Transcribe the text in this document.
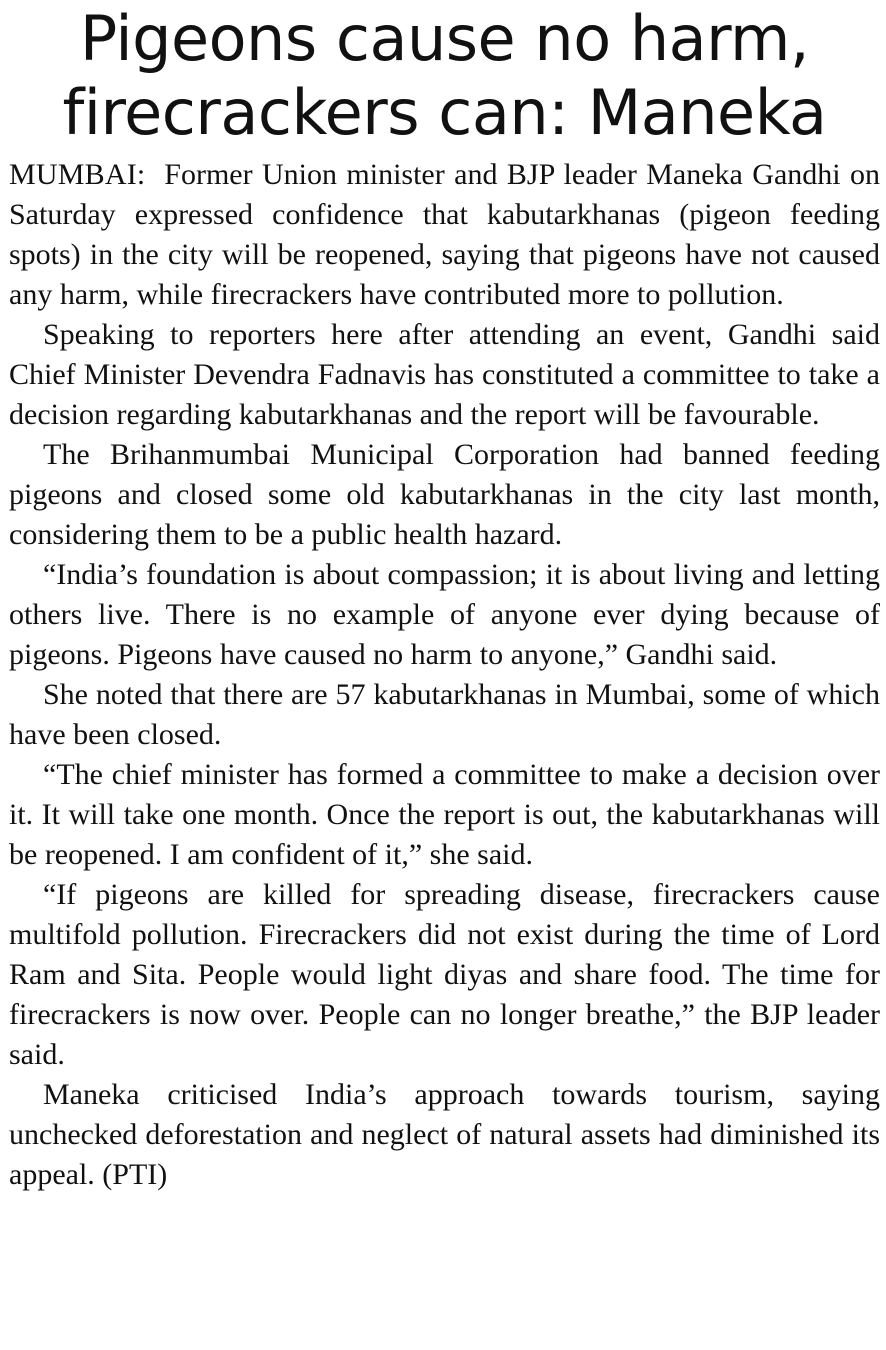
Pigeons cause no harm,
firecrackers can: Maneka

MUMBAI: Former Union minister and BJP leader Maneka Gandhi on Saturday expressed confidence that kabutarkhanas (pigeon feeding spots) in the city will be reopened, saying that pigeons have not caused any harm, while firecrackers have contributed more to pollution.

Speaking to reporters here after attending an event, Gandhi said Chief Minister Devendra Fadnavis has constituted a committee to take a decision regarding kabutarkhanas and the report will be favourable.

The Brihanmumbai Municipal Corporation had banned feeding pigeons and closed some old kabutarkhanas in the city last month, considering them to be a public health hazard.

“India’s foundation is about compassion; it is about living and letting others live. There is no example of anyone ever dying because of pigeons. Pigeons have caused no harm to anyone,” Gandhi said.

She noted that there are 57 kabutarkhanas in Mumbai, some of which have been closed.

“The chief minister has formed a committee to make a decision over it. It will take one month. Once the report is out, the kabutarkhanas will be reopened. I am confident of it,” she said.

“If pigeons are killed for spreading disease, firecrackers cause multifold pollution. Firecrackers did not exist during the time of Lord Ram and Sita. People would light diyas and share food. The time for firecrackers is now over. People can no longer breathe,” the BJP leader said.

Maneka criticised India’s approach towards tourism, saying unchecked deforestation and neglect of natural assets had diminished its appeal. (PTI)
